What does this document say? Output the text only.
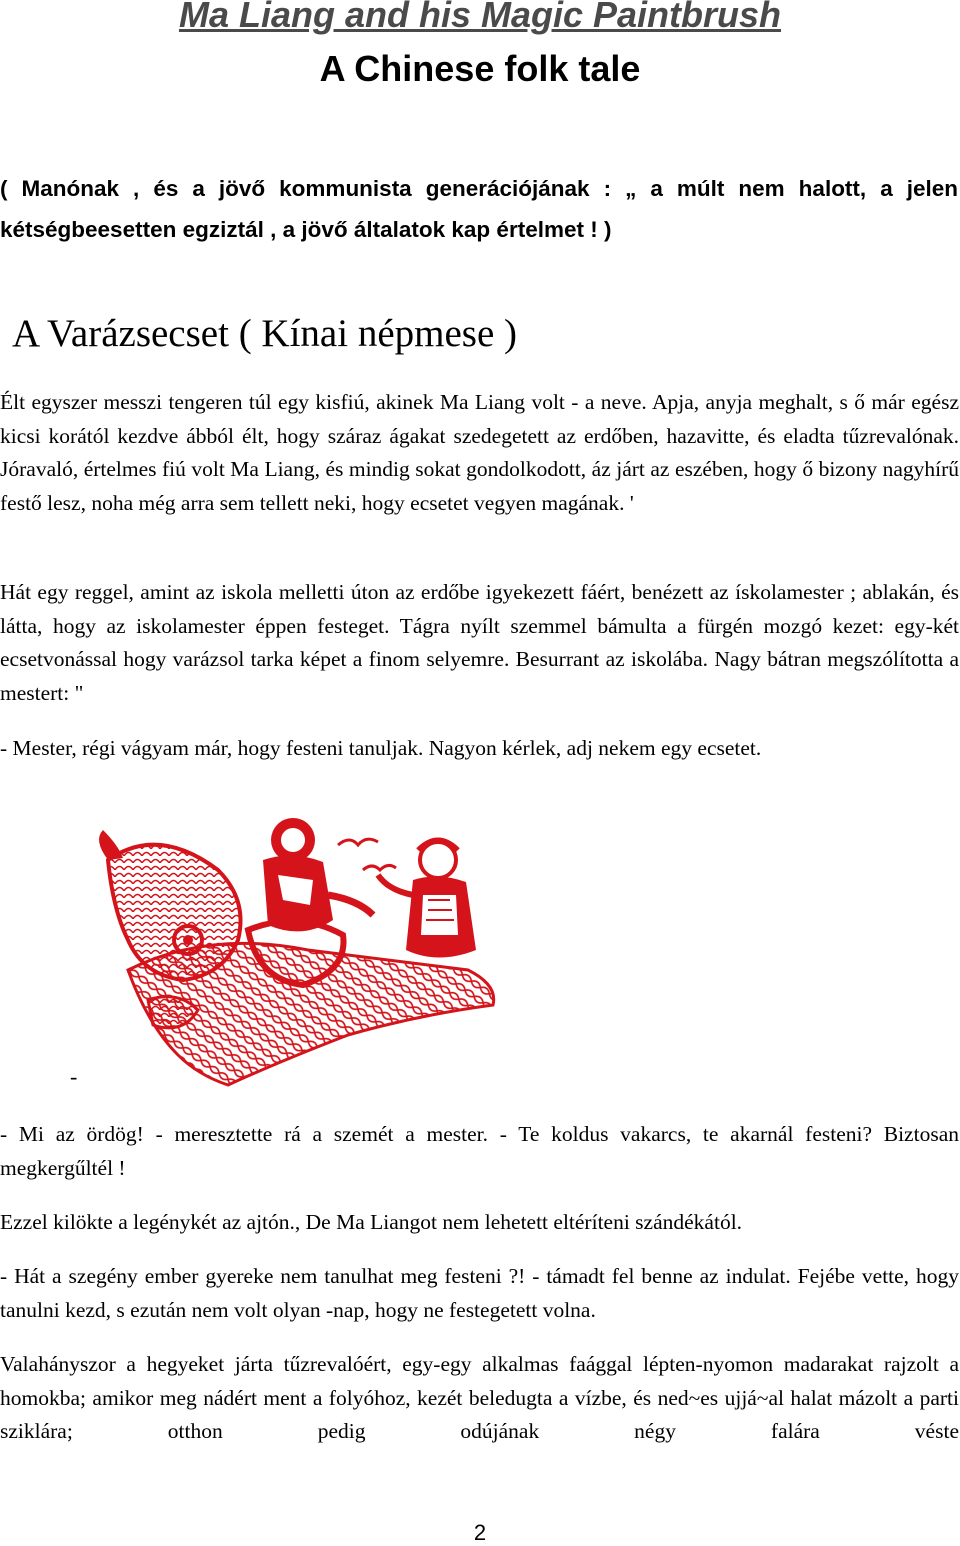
Ma Liang and his Magic Paintbrush
A Chinese folk tale
( Manónak , és a jövő kommunista generációjának : „ a múlt nem halott, a jelen kétségbeesetten egziztál , a jövő általatok kap értelmet ! )
A Varázsecset ( Kínai népmese )

Élt egyszer messzi tengeren túl egy kisfiú, akinek Ma Liang volt - a neve. Apja, anyja meghalt, s ő már egész kicsi korától kezdve ábból élt, hogy száraz ágakat szedegetett az erdőben, hazavitte, és eladta tűzrevalónak. Jóravaló, értelmes fiú volt Ma Liang, és mindig sokat gondolkodott, áz járt az eszében, hogy ő bizony nagyhírű festő lesz, noha még arra sem tellett neki, hogy ecsetet vegyen magának. '

Hát egy reggel, amint az iskola melletti úton az erdőbe igyekezett fáért, benézett az ískolamester ; ablakán, és látta, hogy az iskolamester éppen festeget. Tágra nyílt szemmel bámulta a fürgén mozgó kezet: egy-két ecsetvonással hogy varázsol tarka képet a finom selyemre. Besurrant az iskolába. Nagy bátran megszólította a mestert: "

- Mester, régi vágyam már, hogy festeni tanuljak. Nagyon kérlek, adj nekem egy ecsetet.

-

- Mi az ördög! - meresztette rá a szemét a mester. - Te koldus vakarcs, te akarnál festeni? Biztosan megkergűltél !

Ezzel kilökte a legénykét az ajtón., De Ma Liangot nem lehetett eltéríteni szándékától.

- Hát a szegény ember gyereke nem tanulhat meg festeni ?! - támadt fel benne az indulat. Fejébe vette, hogy tanulni kezd, s ezután nem volt olyan -nap, hogy ne festegetett volna.

Valahányszor a hegyeket járta tűzrevalóért, egy-egy alkalmas faággal lépten-nyomon madarakat rajzolt a homokba; amikor meg nádért ment a folyóhoz, kezét beledugta a vízbe, és ned~es ujjá~al halat mázolt a parti sziklára; otthon pedig odújának négy falára véste

2
